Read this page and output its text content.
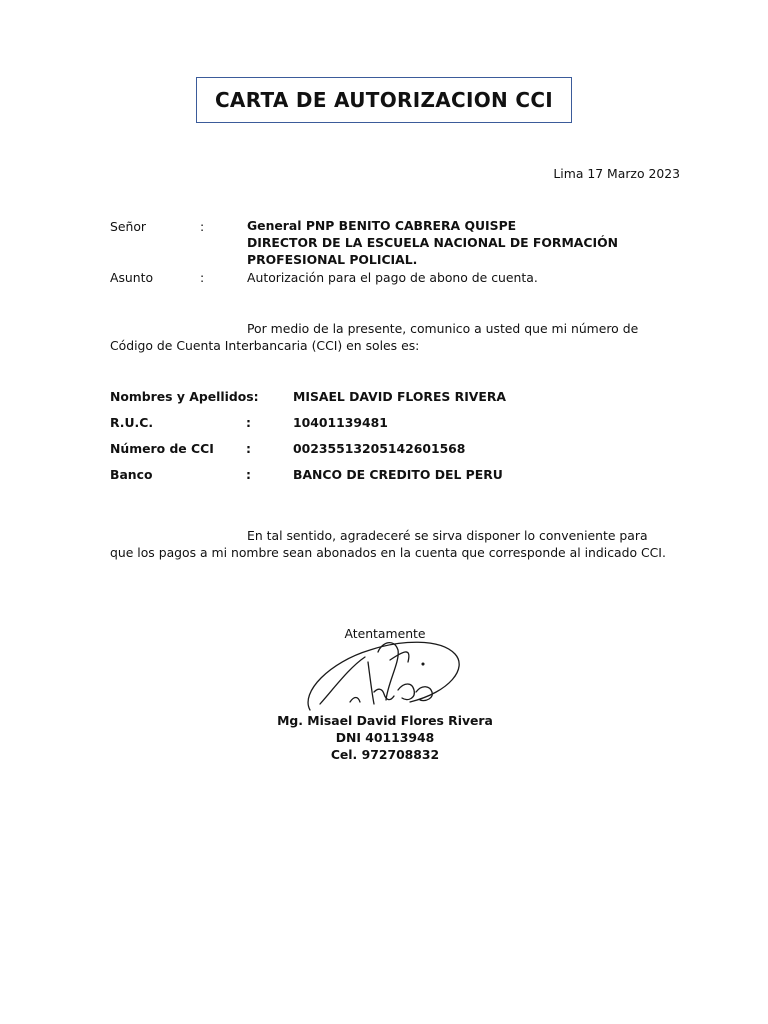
CARTA DE AUTORIZACION CCI
Lima 17 Marzo 2023
Señor	:	General PNP BENITO CABRERA QUISPE
DIRECTOR DE LA ESCUELA NACIONAL DE FORMACIÓN
PROFESIONAL POLICIAL.
Asunto	:	Autorización para el pago de abono de cuenta.
Por medio de la presente, comunico a usted que mi número de Código de Cuenta Interbancaria (CCI) en soles es:
Nombres y Apellidos:	MISAEL DAVID FLORES RIVERA
R.U.C.	:	10401139481
Número de CCI	:	00235513205142601568
Banco	:	BANCO DE CREDITO DEL PERU
En tal sentido, agradeceré se sirva disponer lo conveniente para que los pagos a mi nombre sean abonados en la cuenta que corresponde al indicado CCI.
Atentamente
Mg. Misael David Flores Rivera
DNI 40113948
Cel. 972708832
